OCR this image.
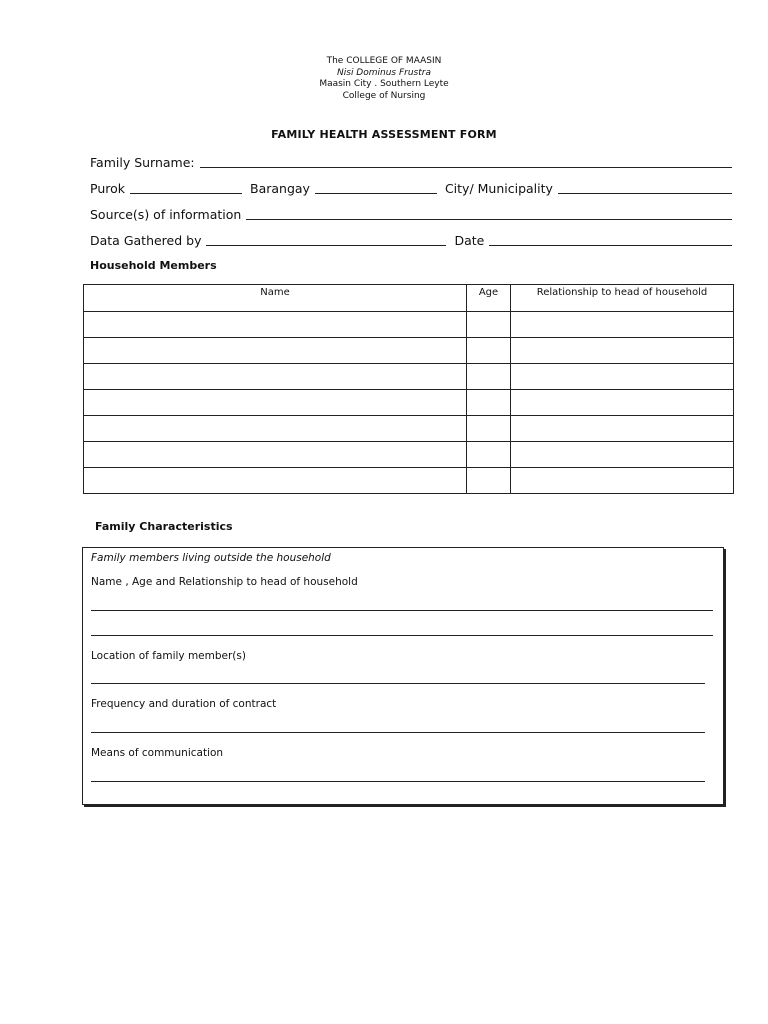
The COLLEGE OF MAASIN
Nisi Dominus Frustra
Maasin City . Southern Leyte
College of Nursing
FAMILY HEALTH ASSESSMENT FORM
Family Surname:
Purok	Barangay	City/ Municipality
Source(s) of information
Data Gathered by	Date
Household Members
Name	Age	Relationship to head of household

Family Characteristics
Family members living outside the household
Name , Age and Relationship to head of household
Location of family member(s)
Frequency and duration of contract
Means of communication
